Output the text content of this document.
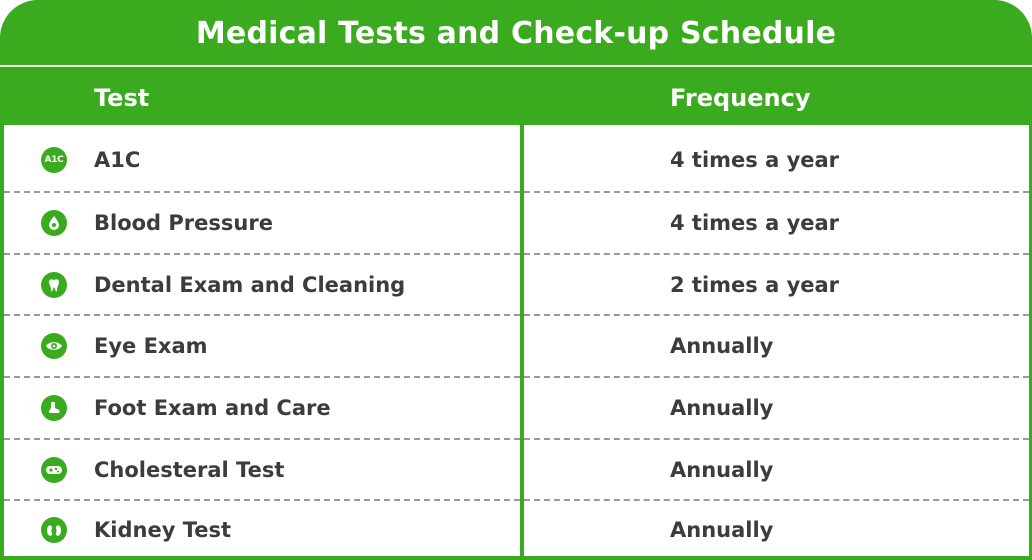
Medical Tests and Check-up Schedule
Test	Frequency
A1C A1C
Blood Pressure
Dental Exam and Cleaning
Eye Exam
Foot Exam and Care
Cholesteral Test
Kidney Test
4 times a year
4 times a year
2 times a year
Annually
Annually
Annually
Annually
